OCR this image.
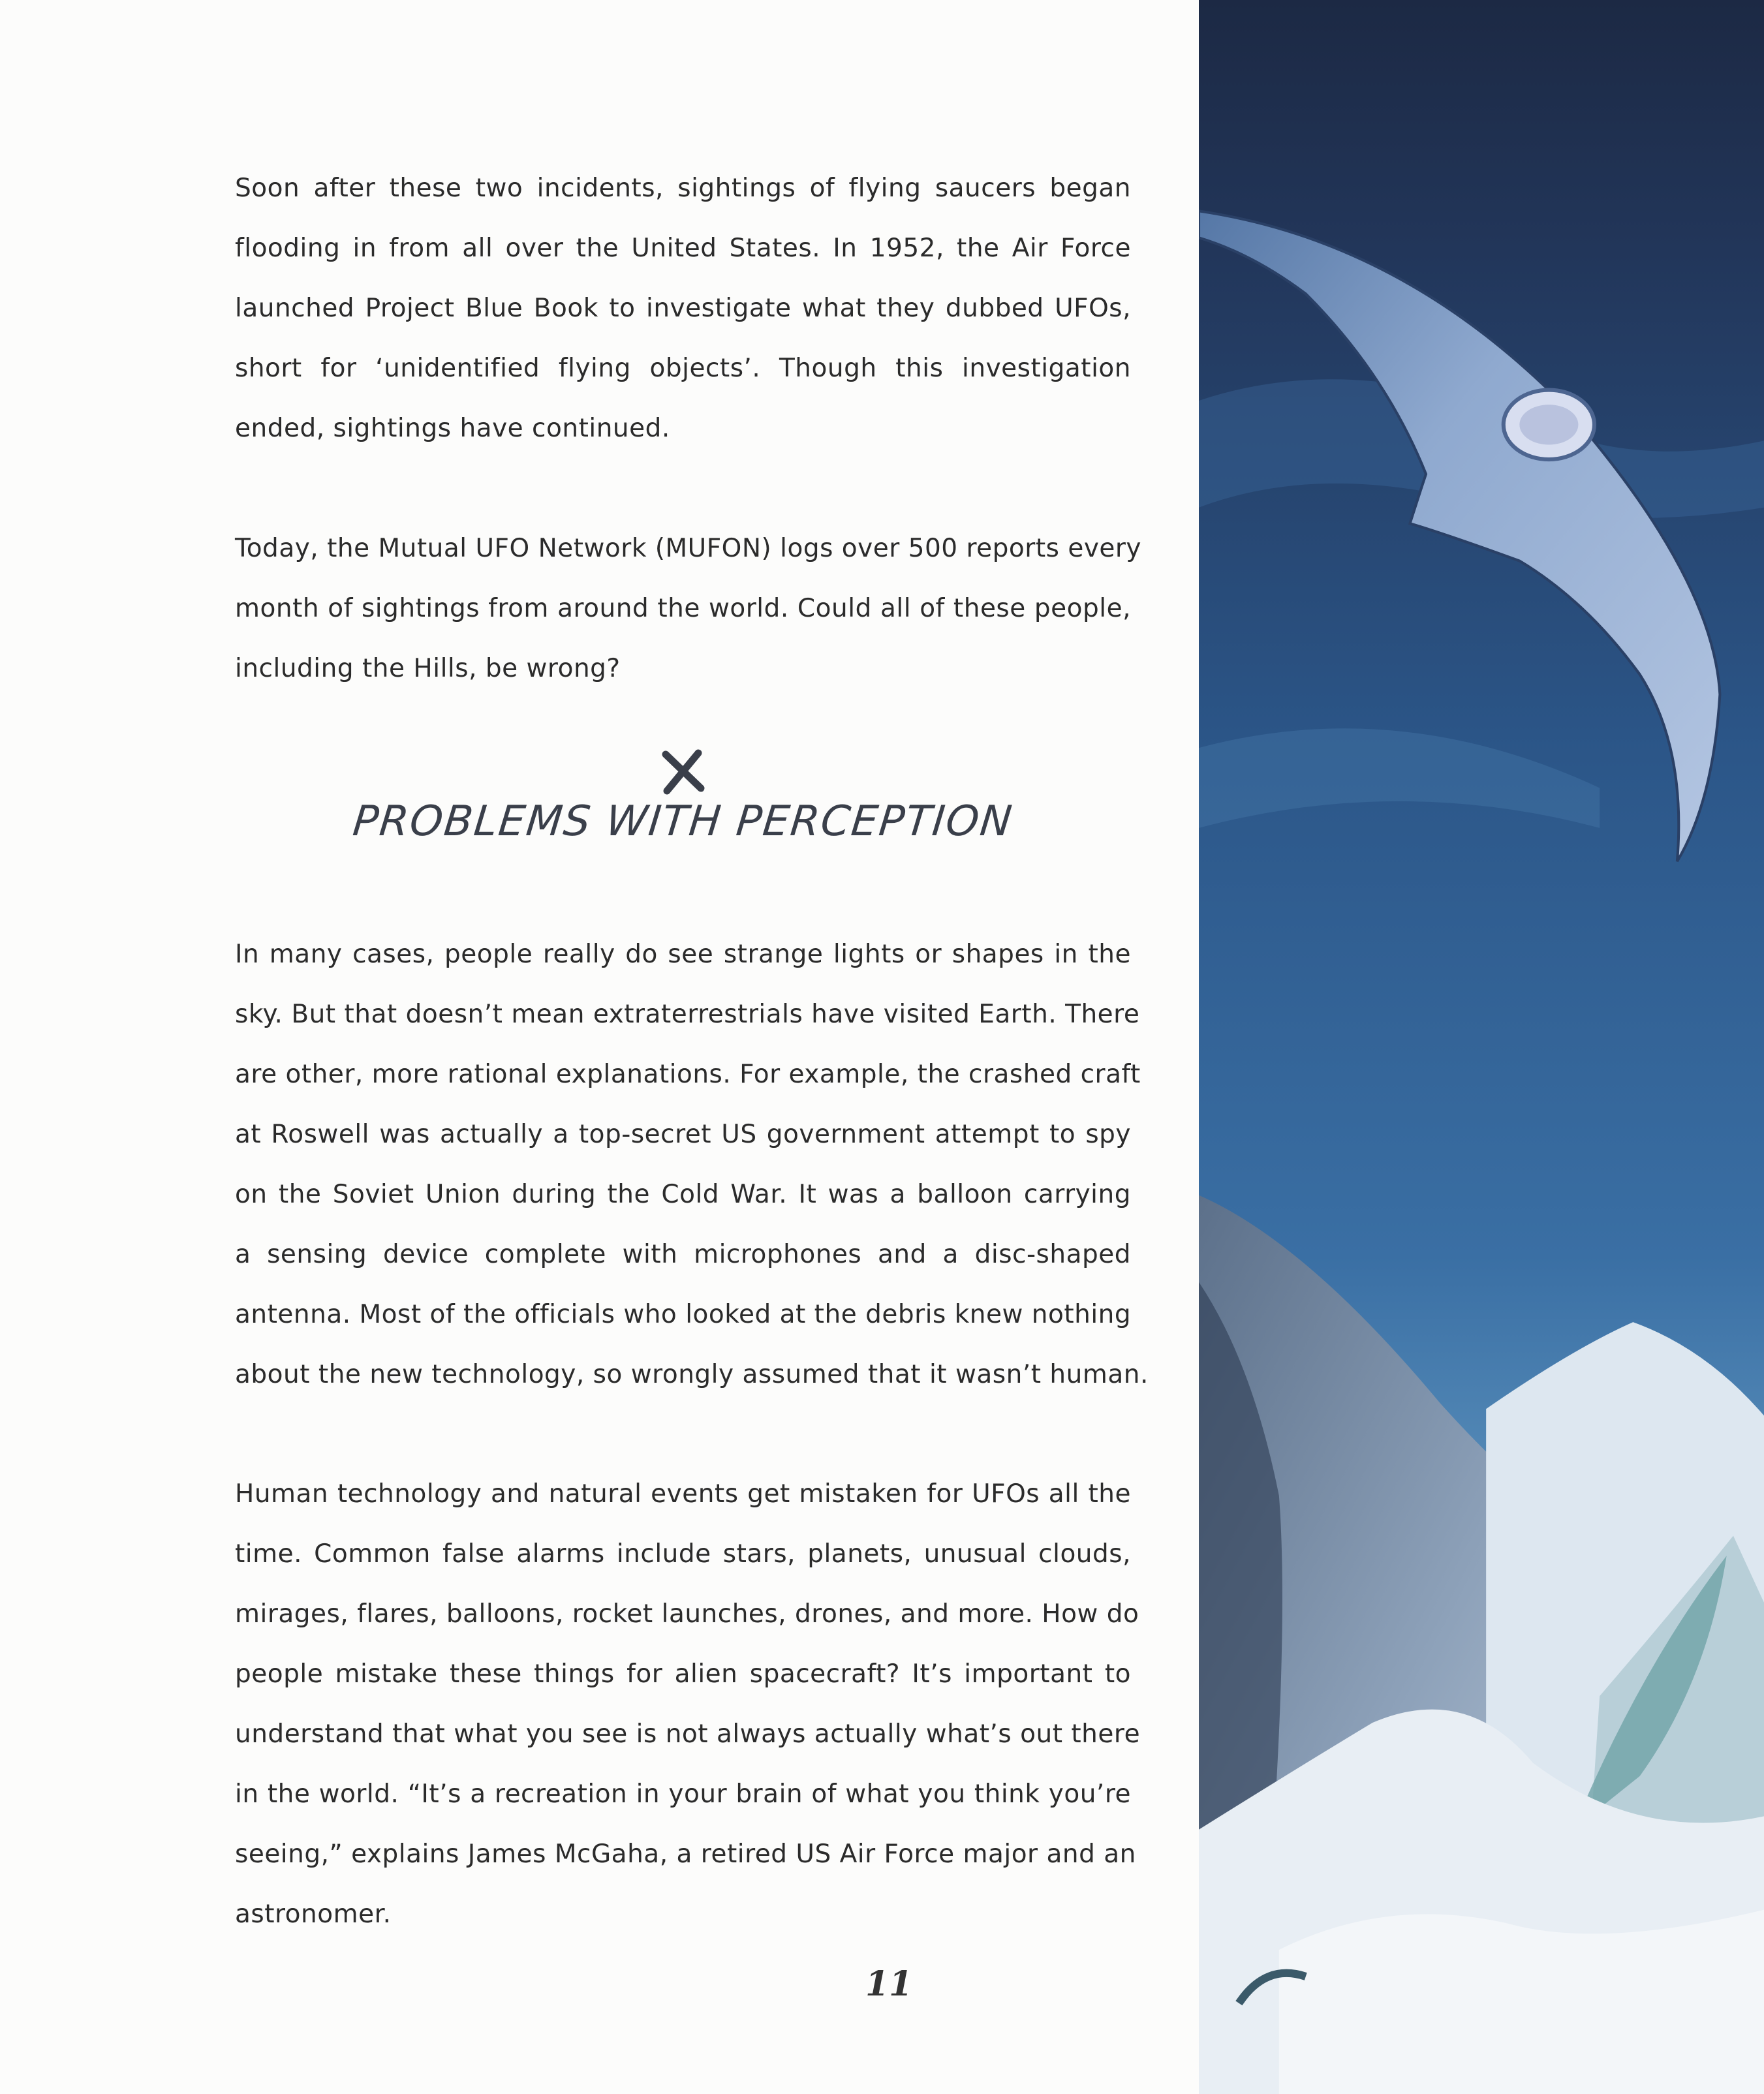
Soon after these two incidents, sightings of flying saucers began
flooding in from all over the United States. In 1952, the Air Force
launched Project Blue Book to investigate what they dubbed UFOs,
short for ‘unidentified flying objects’. Though this investigation
ended, sightings have continued.
Today, the Mutual UFO Network (MUFON) logs over 500 reports every
month of sightings from around the world. Could all of these people,
including the Hills, be wrong?
In many cases, people really do see strange lights or shapes in the
sky. But that doesn’t mean extraterrestrials have visited Earth. There
are other, more rational explanations. For example, the crashed craft
at Roswell was actually a top-secret US government attempt to spy
on the Soviet Union during the Cold War. It was a balloon carrying
a sensing device complete with microphones and a disc-shaped
antenna. Most of the officials who looked at the debris knew nothing
about the new technology, so wrongly assumed that it wasn’t human.
Human technology and natural events get mistaken for UFOs all the
time. Common false alarms include stars, planets, unusual clouds,
mirages, flares, balloons, rocket launches, drones, and more. How do
people mistake these things for alien spacecraft? It’s important to
understand that what you see is not always actually what’s out there
in the world. “It’s a recreation in your brain of what you think you’re
seeing,” explains James McGaha, a retired US Air Force major and an
astronomer.
PROBLEMS WITH PERCEPTION
11
